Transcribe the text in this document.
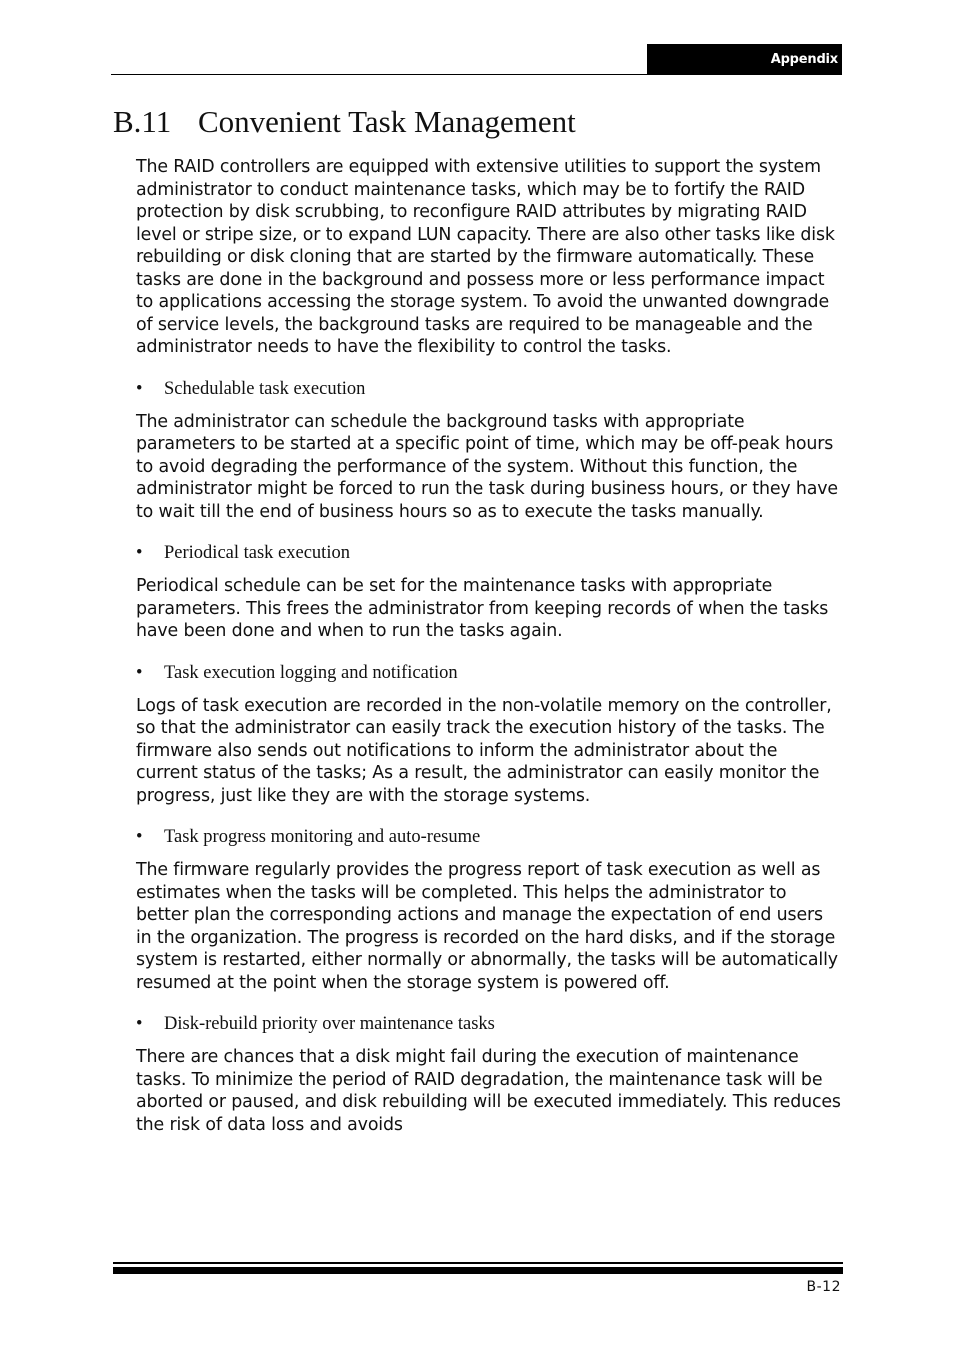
Appendix
B.11 Convenient Task Management

The RAID controllers are equipped with extensive utilities to support the system administrator to conduct maintenance tasks, which may be to fortify the RAID protection by disk scrubbing, to reconfigure RAID attributes by migrating RAID level or stripe size, or to expand LUN capacity. There are also other tasks like disk rebuilding or disk cloning that are started by the firmware automatically. These tasks are done in the background and possess more or less performance impact to applications accessing the storage system. To avoid the unwanted downgrade of service levels, the background tasks are required to be manageable and the administrator needs to have the flexibility to control the tasks.

•	Schedulable task execution

The administrator can schedule the background tasks with appropriate parameters to be started at a specific point of time, which may be off-peak hours to avoid degrading the performance of the system. Without this function, the administrator might be forced to run the task during business hours, or they have to wait till the end of business hours so as to execute the tasks manually.

•	Periodical task execution

Periodical schedule can be set for the maintenance tasks with appropriate parameters. This frees the administrator from keeping records of when the tasks have been done and when to run the tasks again.

•	Task execution logging and notification

Logs of task execution are recorded in the non-volatile memory on the controller, so that the administrator can easily track the execution history of the tasks. The firmware also sends out notifications to inform the administrator about the current status of the tasks; As a result, the administrator can easily monitor the progress, just like they are with the storage systems.

•	Task progress monitoring and auto-resume

The firmware regularly provides the progress report of task execution as well as estimates when the tasks will be completed. This helps the administrator to better plan the corresponding actions and manage the expectation of end users in the organization. The progress is recorded on the hard disks, and if the storage system is restarted, either normally or abnormally, the tasks will be automatically resumed at the point when the storage system is powered off.

•	Disk-rebuild priority over maintenance tasks

There are chances that a disk might fail during the execution of maintenance tasks. To minimize the period of RAID degradation, the maintenance task will be aborted or paused, and disk rebuilding will be executed immediately. This reduces the risk of data loss and avoids

B-12
